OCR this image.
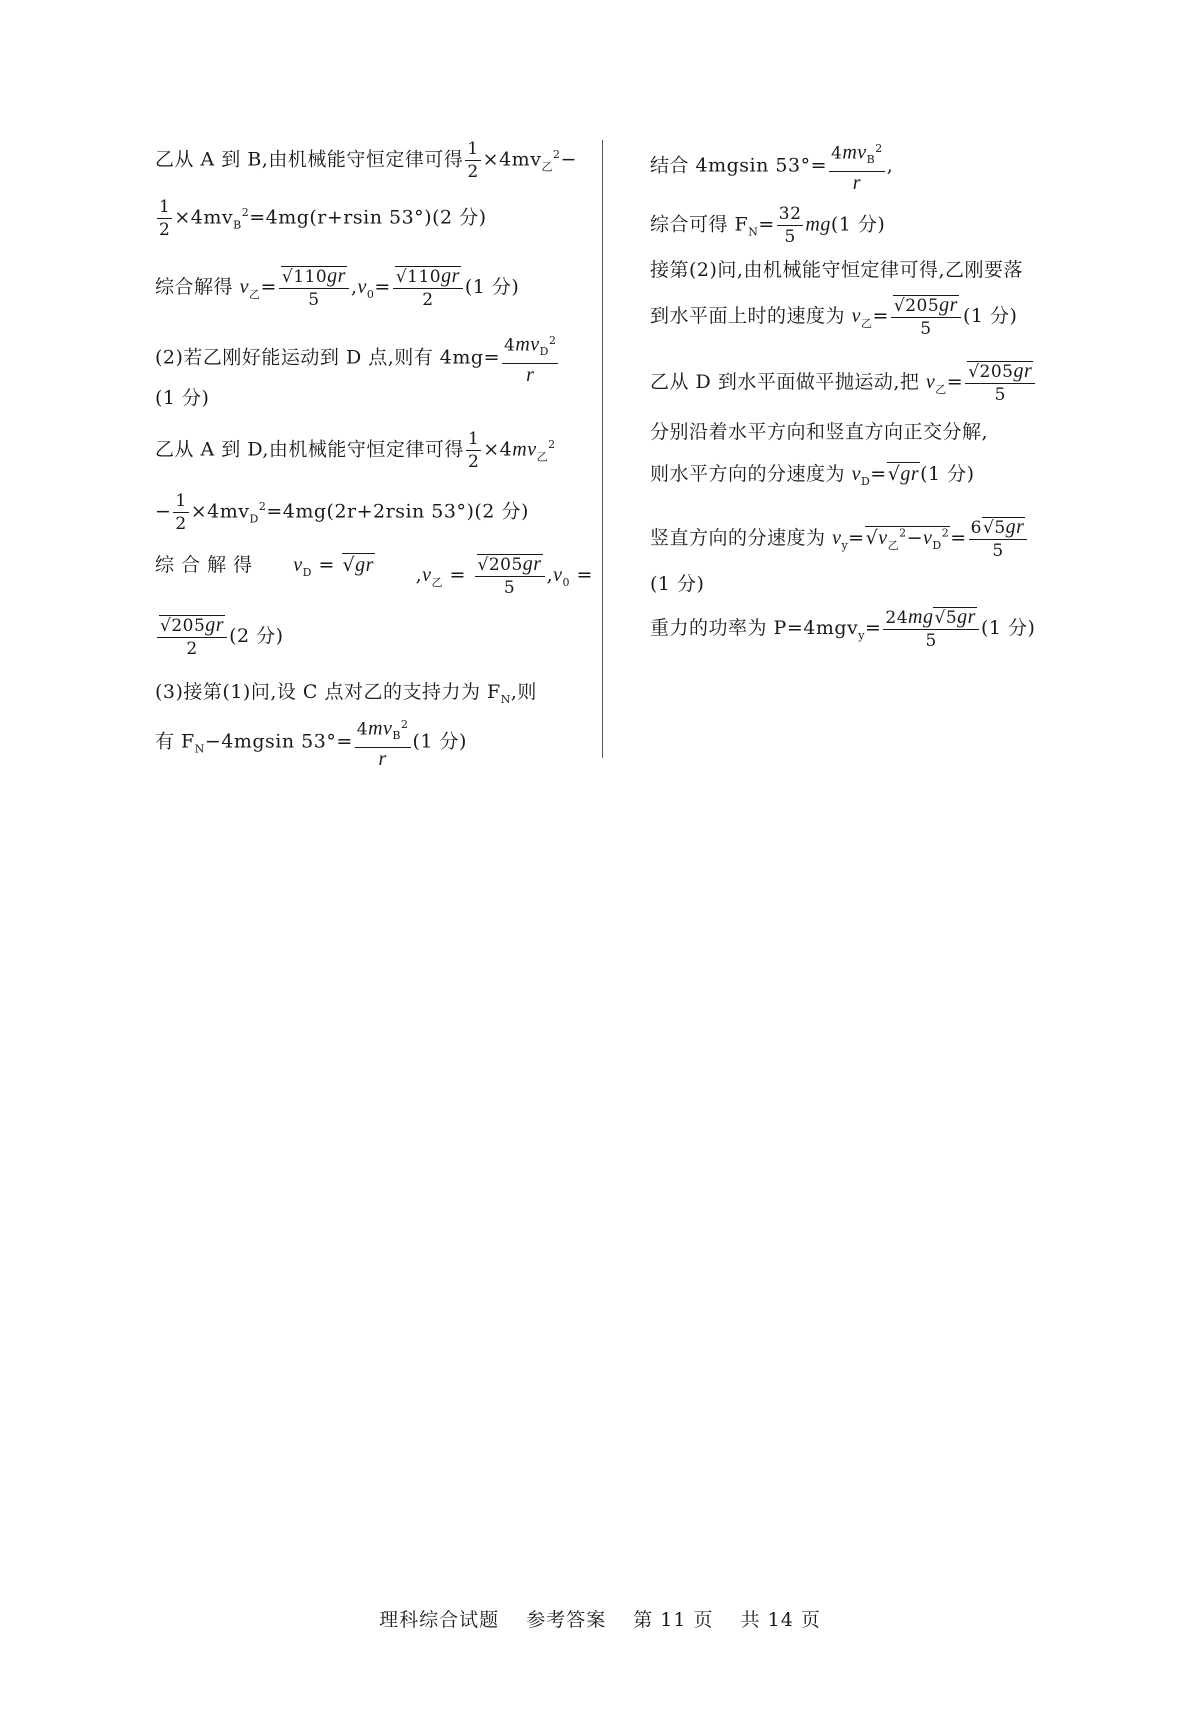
乙从 A 到 B,由机械能守恒定律可得 $\frac{1}{2} \times 4mv_乙^2-$
$\frac{1}{2} \times 4mv_B^2=4mg(r+rsin$ 53°)(2 分)
综合解得 $v_乙= \frac{√110gr}{5} ,v_0= \frac{√110gr}{2} (1$ 分)
(2)若乙刚好能运动到 D 点,则有 $4mg= \frac{4mv_D^2}{r}$
(1 分)
乙从 A 到 D,由机械能守恒定律可得 $\frac{1}{2} \times 4mv_乙^2$
− $\frac{1}{2} \times 4mv_D^2=4mg(2r+2rsin$ 53°)(2 分)
综 合 解 得 $v_D = √gr$ $,v_乙 = \frac{√205gr}{5} ,v_0$ =
$\frac{√205gr}{2} (2$ 分)
(3)接第(1)问,设 C 点对乙的支持力为 $F_N$,则
有 $F_N-4mgsin$ $53^\circ= \frac{4mv_B^2}{r} (1$ 分)
结合 4mgsin $53^\circ= \frac{4mv_B^2}{r}$ ,
综合可得 $F_N= \frac{32}{5} mg(1$ 分)
接第(2)问,由机械能守恒定律可得,乙刚要落
到水平面上时的速度为 $v_乙= \frac{√205gr}{5} (1$ 分)
乙从 D 到水平面做平抛运动,把 $v_乙= \frac{√205gr}{5}$
分别沿着水平方向和竖直方向正交分解,
则水平方向的分速度为 $v_D=√gr(1$ 分)
竖直方向的分速度为 $v_y=√v_乙^2-v_D^2= \frac{6√5gr}{5}$
(1 分)
重力的功率为 $P=4mgv_y= \frac{24mg√5gr}{5} (1$ 分)
理科综合试题 参考答案 第 11 页 共 14 页
